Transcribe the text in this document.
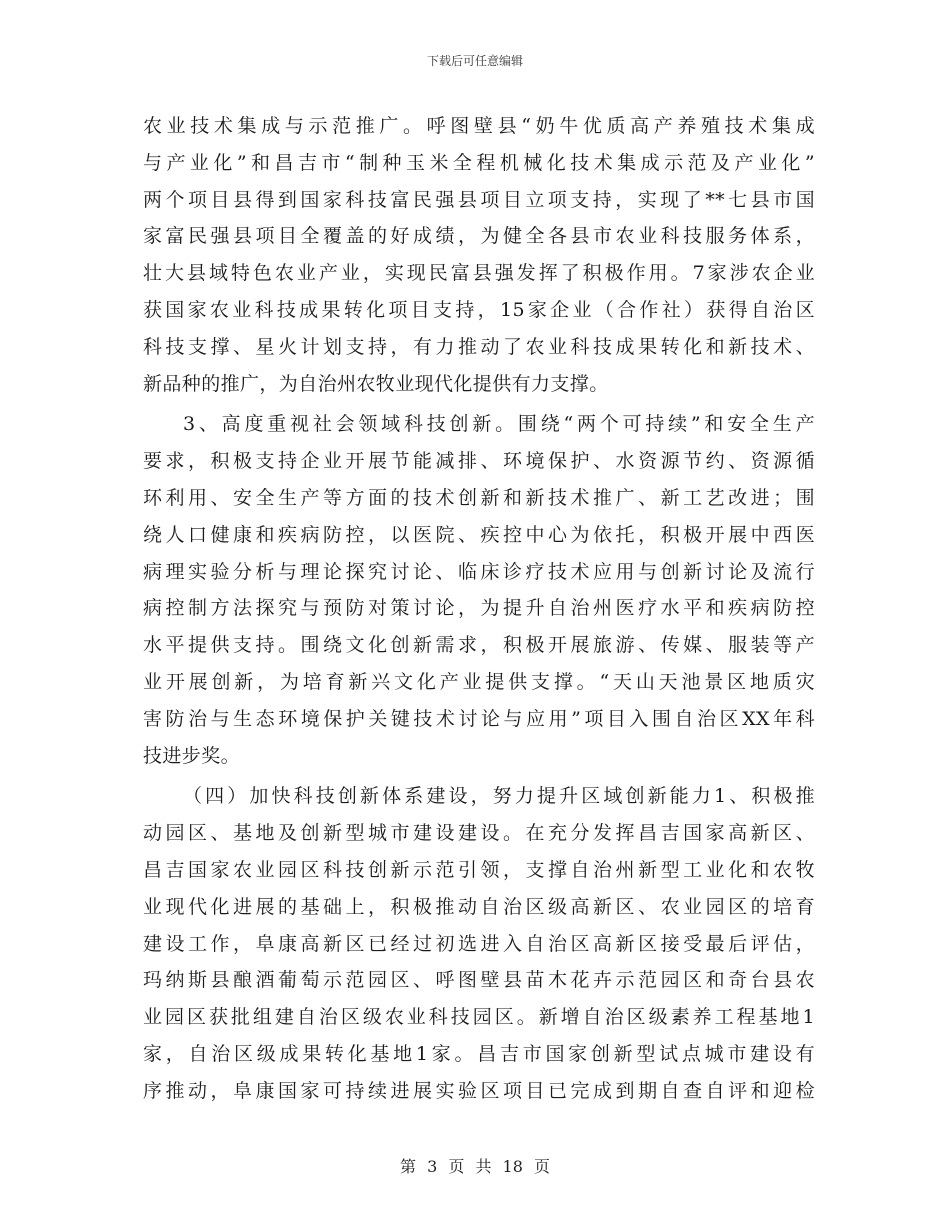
下载后可任意编辑
农业技术集成与示范推广。呼图壁县“奶牛优质高产养殖技术集成
与产业化”和昌吉市“制种玉米全程机械化技术集成示范及产业化”
两个项目县得到国家科技富民强县项目立项支持，实现了**七县市国
家富民强县项目全覆盖的好成绩，为健全各县市农业科技服务体系，
壮大县域特色农业产业，实现民富县强发挥了积极作用。7家涉农企业
获国家农业科技成果转化项目支持，15家企业（合作社）获得自治区
科技支撑、星火计划支持，有力推动了农业科技成果转化和新技术、
新品种的推广，为自治州农牧业现代化提供有力支撑。
3、高度重视社会领域科技创新。围绕“两个可持续”和安全生产
要求，积极支持企业开展节能减排、环境保护、水资源节约、资源循
环利用、安全生产等方面的技术创新和新技术推广、新工艺改进；围
绕人口健康和疾病防控，以医院、疾控中心为依托，积极开展中西医
病理实验分析与理论探究讨论、临床诊疗技术应用与创新讨论及流行
病控制方法探究与预防对策讨论，为提升自治州医疗水平和疾病防控
水平提供支持。围绕文化创新需求，积极开展旅游、传媒、服装等产
业开展创新，为培育新兴文化产业提供支撑。“天山天池景区地质灾
害防治与生态环境保护关键技术讨论与应用”项目入围自治区XX年科
技进步奖。
（四）加快科技创新体系建设，努力提升区域创新能力1、积极推
动园区、基地及创新型城市建设建设。在充分发挥昌吉国家高新区、
昌吉国家农业园区科技创新示范引领，支撑自治州新型工业化和农牧
业现代化进展的基础上，积极推动自治区级高新区、农业园区的培育
建设工作，阜康高新区已经过初选进入自治区高新区接受最后评估，
玛纳斯县酿酒葡萄示范园区、呼图壁县苗木花卉示范园区和奇台县农
业园区获批组建自治区级农业科技园区。新增自治区级素养工程基地1
家，自治区级成果转化基地1家。昌吉市国家创新型试点城市建设有
序推动，阜康国家可持续进展实验区项目已完成到期自查自评和迎检
第 3 页 共 18 页
